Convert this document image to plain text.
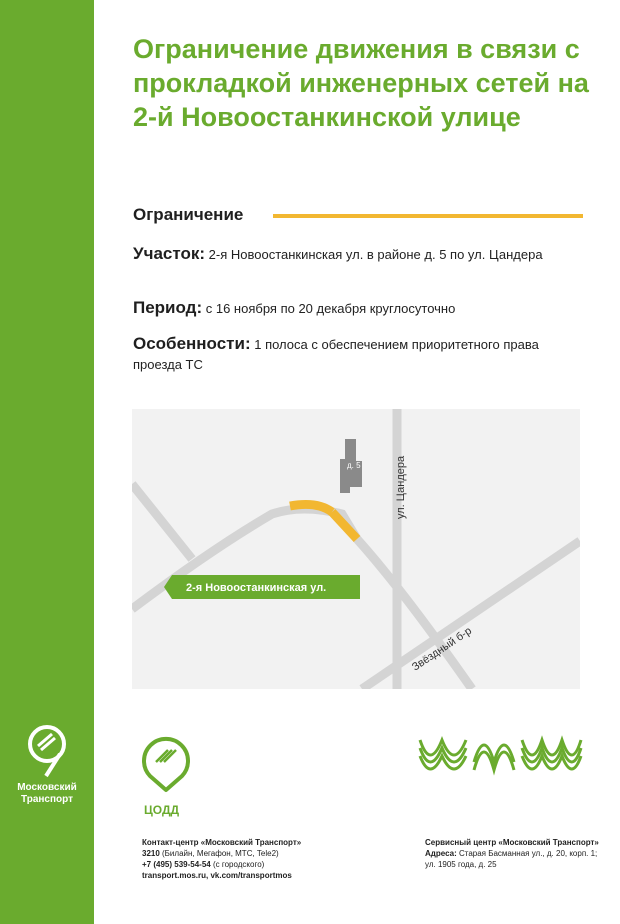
Московский Транспорт
Ограничение движения в связи с прокладкой инженерных сетей на 2-й Новоостанкинской улице
Ограничение
Участок: 2-я Новоостанкинская ул. в районе д. 5 по ул. Цандера
Период: с 16 ноября по 20 декабря круглосуточно
Особенности: 1 полоса с обеспечением приоритетного права проезда ТС
д. 5	ул. Цандера
Звёздный б-р
2-я Новоостанкинская ул.
ЦОДД
Контакт-центр «Московский Транспорт»
3210 (Билайн, Мегафон, МТС, Tele2)
+7 (495) 539-54-54 (с городского)
transport.mos.ru, vk.com/transportmos
Сервисный центр «Московский Транспорт»
Адреса: Старая Басманная ул., д. 20, корп. 1;
ул. 1905 года, д. 25
